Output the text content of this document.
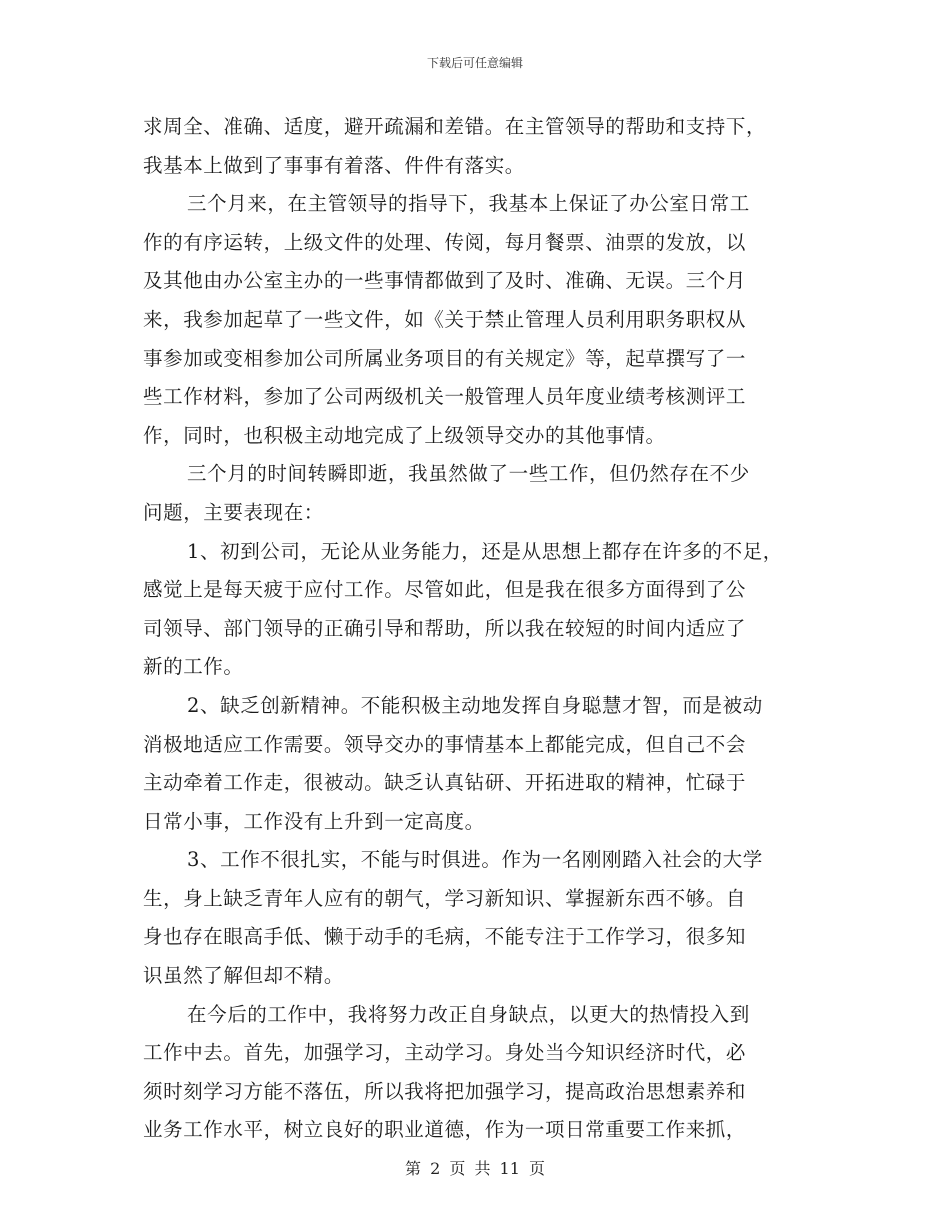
下载后可任意编辑
求周全、准确、适度，避开疏漏和差错。在主管领导的帮助和支持下，
我基本上做到了事事有着落、件件有落实。
三个月来，在主管领导的指导下，我基本上保证了办公室日常工
作的有序运转，上级文件的处理、传阅，每月餐票、油票的发放，以
及其他由办公室主办的一些事情都做到了及时、准确、无误。三个月
来，我参加起草了一些文件，如《关于禁止管理人员利用职务职权从
事参加或变相参加公司所属业务项目的有关规定》等，起草撰写了一
些工作材料，参加了公司两级机关一般管理人员年度业绩考核测评工
作，同时，也积极主动地完成了上级领导交办的其他事情。
三个月的时间转瞬即逝，我虽然做了一些工作，但仍然存在不少
问题，主要表现在：
1、初到公司，无论从业务能力，还是从思想上都存在许多的不足，
感觉上是每天疲于应付工作。尽管如此，但是我在很多方面得到了公
司领导、部门领导的正确引导和帮助，所以我在较短的时间内适应了
新的工作。
2、缺乏创新精神。不能积极主动地发挥自身聪慧才智，而是被动
消极地适应工作需要。领导交办的事情基本上都能完成，但自己不会
主动牵着工作走，很被动。缺乏认真钻研、开拓进取的精神，忙碌于
日常小事，工作没有上升到一定高度。
3、工作不很扎实，不能与时俱进。作为一名刚刚踏入社会的大学
生，身上缺乏青年人应有的朝气，学习新知识、掌握新东西不够。自
身也存在眼高手低、懒于动手的毛病，不能专注于工作学习，很多知
识虽然了解但却不精。
在今后的工作中，我将努力改正自身缺点，以更大的热情投入到
工作中去。首先，加强学习，主动学习。身处当今知识经济时代，必
须时刻学习方能不落伍，所以我将把加强学习，提高政治思想素养和
业务工作水平，树立良好的职业道德，作为一项日常重要工作来抓，
第 2 页 共 11 页
